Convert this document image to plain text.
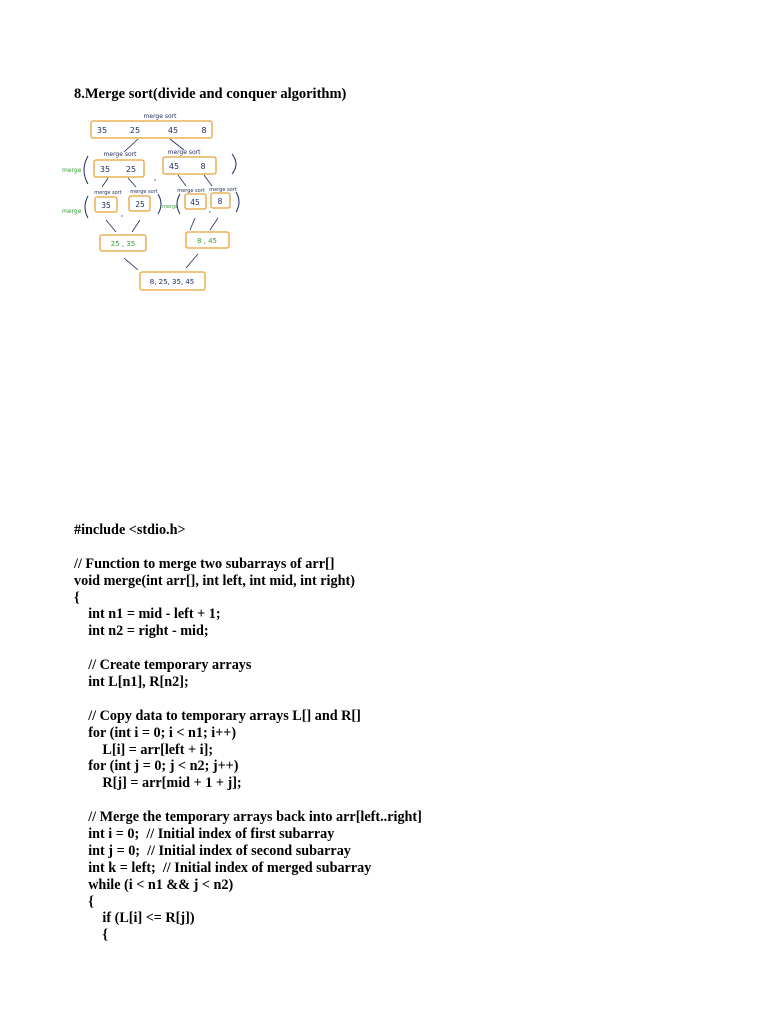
8.Merge sort(divide and conquer algorithm)
merge sort
35	25	45	8
merge sort	merge sort
merge 35 25
,
45	8
merge sort merge sort	merge sort merge sort
merge
merge
35
,
25	45
,
8
25 , 35	8 , 45
8, 25, 35, 45
#include <stdio.h>
// Function to merge two subarrays of arr[]
void merge(int arr[], int left, int mid, int right)
{
int n1 = mid - left + 1;
int n2 = right - mid;
// Create temporary arrays
int L[n1], R[n2];
// Copy data to temporary arrays L[] and R[]
for (int i = 0; i < n1; i++)
L[i] = arr[left + i];
for (int j = 0; j < n2; j++)
R[j] = arr[mid + 1 + j];
// Merge the temporary arrays back into arr[left..right]
int i = 0;  // Initial index of first subarray
int j = 0;  // Initial index of second subarray
int k = left;  // Initial index of merged subarray
while (i < n1 && j < n2)
{
if (L[i] <= R[j])
{
